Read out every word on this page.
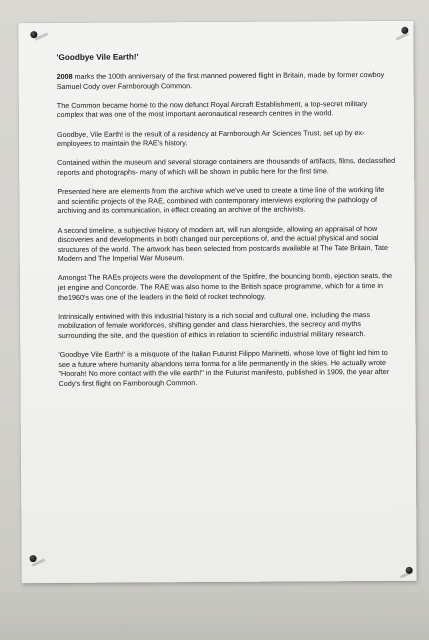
'Goodbye Vile Earth!'

2008 marks the 100th anniversary of the first manned powered flight in Britain, made by former cowboy Samuel Cody over Farnborough Common.

The Common became home to the now defunct Royal Aircraft Establishment, a top-secret military complex that was one of the most important aeronautical research centres in the world.

Goodbye, Vile Earth! is the result of a residency at Farnborough Air Sciences Trust, set up by ex-employees to maintain the RAE's history.

Contained within the museum and several storage containers are thousands of artifacts, films, declassified reports and photographs- many of which will be shown in public here for the first time.

Presented here are elements from the archive which we've used to create a time line of the working life and scientific projects of the RAE, combined with contemporary interviews exploring the pathology of archiving and its communication, in effect creating an archive of the archivists.

A second timeline, a subjective history of modern art, will run alongside, allowing an appraisal of how discoveries and developments in both changed our perceptions of, and the actual physical and social structures of the world. The artwork has been selected from postcards available at The Tate Britain, Tate Modern and The Imperial War Museum.

Amongst The RAEs projects were the development of the Spitfire, the bouncing bomb, ejection seats, the jet engine and Concorde. The RAE was also home to the British space programme, which for a time in the1960's was one of the leaders in the field of rocket technology.

Intrinsically entwined with this industrial history is a rich social and cultural one, including the mass mobilization of female workforces, shifting gender and class hierarchies, the secrecy and myths surrounding the site, and the question of ethics in relation to scientific industrial military research.

'Goodbye Vile Earth!' is a misquote of the Italian Futurist Filippo Marinetti, whose love of flight led him to see a future where humanity abandons terra forma for a life permanently in the skies. He actually wrote "Hoorah! No more contact with the vile earth!" in the Futurist manifesto, published in 1909, the year after Cody's first flight on Farnborough Common.
